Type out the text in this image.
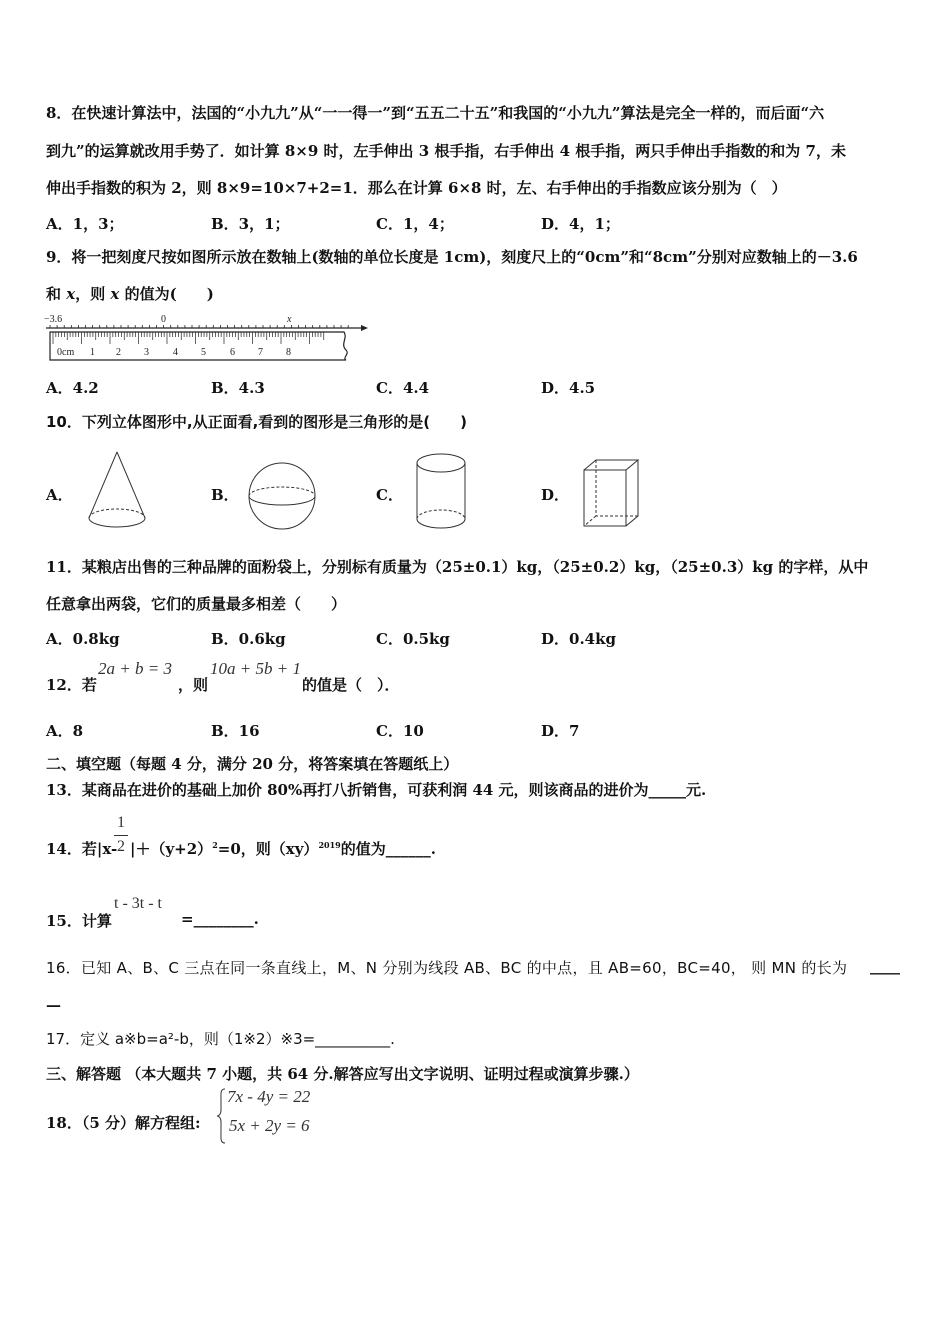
8．在快速计算法中，法国的“小九九”从“一一得一”到“五五二十五”和我国的“小九九”算法是完全一样的，而后面“六
到九”的运算就改用手势了．如计算 8×9 时，左手伸出 3 根手指，右手伸出 4 根手指，两只手伸出手指数的和为 7，未
伸出手指数的积为 2，则 8×9=10×7+2=1．那么在计算 6×8 时，左、右手伸出的手指数应该分别为（　）
A．1，3；	B．3，1；	C．1，4；	D．4，1；
9．将一把刻度尺按如图所示放在数轴上(数轴的单位长度是 1cm)，刻度尺上的“0cm”和“8cm”分别对应数轴上的－3.6
和 x，则 x 的值为(　　)
−3.6	0	x
0cm 1 2 3 4 5 6 7 8
A．4.2	B．4.3	C．4.4	D．4.5
10．下列立体图形中,从正面看,看到的图形是三角形的是(　　)
A．	B．	C．	D．
11．某粮店出售的三种品牌的面粉袋上，分别标有质量为（25±0.1）kg，（25±0.2）kg，（25±0.3）kg 的字样，从中
任意拿出两袋，它们的质量最多相差（　　）
A．0.8kg	B．0.6kg	C．0.5kg	D．0.4kg
12．若
2a + b = 3
，则
10a + 5b + 1
的值是（　）．
A．8	B．16	C．10	D．7
二、填空题（每题 4 分，满分 20 分，将答案填在答题纸上）
13．某商品在进价的基础上加价 80%再打八折销售，可获利润 44 元，则该商品的进价为_____元.
14．若|x-
1
2 $|+(y+2)^2=0$，则（xy）$^{2019}$的值为______.
15．计算
t - 3t - t
=________.
16．已知 A、B、C 三点在同一条直线上，M、N 分别为线段 AB、BC 的中点，且 AB=60，BC=40， 则 MN 的长为 ____
—
17．定义 a※b=a²-b，则（1※2）※3=__________.
三、解答题 （本大题共 7 小题，共 64 分.解答应写出文字说明、证明过程或演算步骤.）
18．（5 分）解方程组:
7x - 4y = 22
5x + 2y = 6
